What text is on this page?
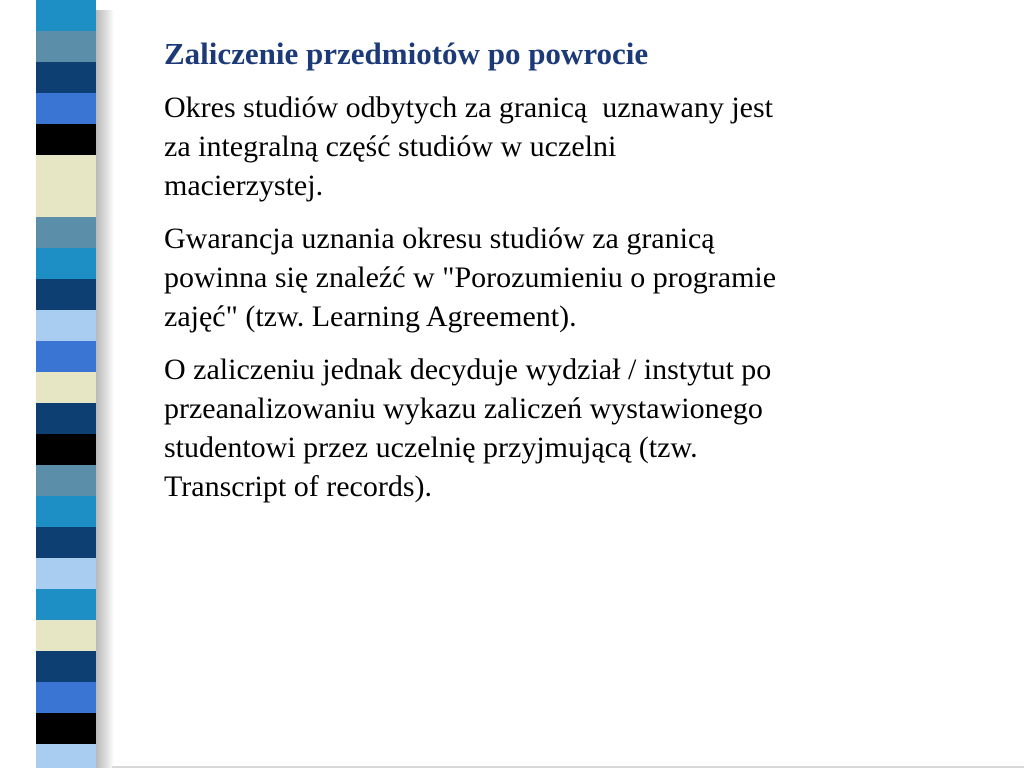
Zaliczenie przedmiotów po powrocie

Okres studiów odbytych za granicą  uznawany jest
za integralną część studiów w uczelni
macierzystej.

Gwarancja uznania okresu studiów za granicą
powinna się znaleźć w "Porozumieniu o programie
zajęć" (tzw. Learning Agreement).

O zaliczeniu jednak decyduje wydział / instytut po
przeanalizowaniu wykazu zaliczeń wystawionego
studentowi przez uczelnię przyjmującą (tzw.
Transcript of records).
